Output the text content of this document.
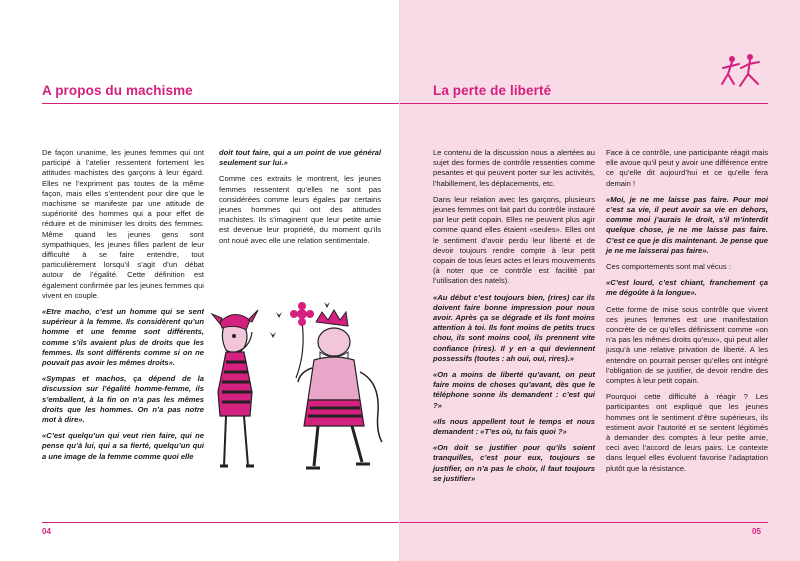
A propos du machisme

De façon unanime, les jeunes femmes qui ont participé à l’atelier ressentent fortement les attitudes machistes des garçons à leur égard. Elles ne l’expriment pas toutes de la même façon, mais elles s’entendent pour dire que le machisme se manifeste par une attitude de supériorité des hommes qui a pour effet de réduire et de minimiser les droits des femmes. Même quand les jeunes gens sont sympathiques, les jeunes filles parlent de leur difficulté à se faire entendre, tout particulièrement lorsqu’il s’agit d’un débat autour de l’égalité. Cette définition est également confirmée par les jeunes femmes qui vivent en couple.

«Etre macho, c’est un homme qui se sent supérieur à la femme. Ils considèrent qu’un homme et une femme sont différents, comme s’ils avaient plus de droits que les femmes. Ils sont différents comme si on ne pouvait pas avoir les mêmes droits».

«Sympas et machos, ça dépend de la discussion sur l’égalité homme-femme, ils s’emballent, à la fin on n’a pas les mêmes droits que les hommes. On n’a pas notre mot à dire».

«C’est quelqu’un qui veut rien faire, qui ne pense qu’à lui, qui a sa fierté, quelqu’un qui a une image de la femme comme quoi elle

doit tout faire, qui a un point de vue général seulement sur lui.»

Comme ces extraits le montrent, les jeunes femmes ressentent qu’elles ne sont pas considérées comme leurs égales par certains jeunes hommes qui ont des attitudes machistes. Ils s’imaginent que leur petite amie est devenue leur propriété, du moment qu’ils ont noué avec elle une relation sentimentale.

04
La perte de liberté

Le contenu de la discussion nous a alertées au sujet des formes de contrôle ressenties comme pesantes et qui peuvent porter sur les activités, l’habillement, les déplacements, etc.

Dans leur relation avec les garçons, plusieurs jeunes femmes ont fait part du contrôle instauré par leur petit copain. Elles ne peuvent plus agir comme quand elles étaient «seules». Elles ont le sentiment d’avoir perdu leur liberté et de devoir toujours rendre compte à leur petit copain de tous leurs actes et leurs mouvements (à noter que ce contrôle est facilité par l’utilisation des natels).

«Au début c’est toujours bien, (rires) car ils doivent faire bonne impression pour nous avoir. Après ça se dégrade et ils font moins attention à toi. Ils font moins de petits trucs chou, ils sont moins cool, ils prennent vite confiance (rires). Il y en a qui deviennent possessifs (toutes : ah oui, oui, rires).»

«On a moins de liberté qu’avant, on peut faire moins de choses qu’avant, dès que le téléphone sonne ils demandent : c’est qui ?»

«Ils nous appellent tout le temps et nous demandent : «T’es où, tu fais quoi ?»

«On doit se justifier pour qu’ils soient tranquilles, c’est pour eux, toujours se justifier, on n’a pas le choix, il faut toujours se justifier»

Face à ce contrôle, une participante réagit mais elle avoue qu’il peut y avoir une différence entre ce qu’elle dit aujourd’hui et ce qu’elle fera demain !

«Moi, je ne me laisse pas faire. Pour moi c’est sa vie, il peut avoir sa vie en dehors, comme moi j’aurais le droit, s’il m’interdit quelque chose, je ne me laisse pas faire. C’est ce que je dis maintenant. Je pense que je ne me laisserai pas faire».

Ces comportements sont mal vécus :

«C’est lourd, c’est chiant, franchement ça me dégoûte à la longue».

Cette forme de mise sous contrôle que vivent ces jeunes femmes est une manifestation concrète de ce qu’elles définissent comme «on n’a pas les mêmes droits qu’eux», qui peut aller jusqu’à une relative privation de liberté. A les entendre on pourrait penser qu’elles ont intégré l’obligation de se justifier, de devoir rendre des comptes à leur petit copain.

Pourquoi cette difficulté à réagir ? Les participantes ont expliqué que les jeunes hommes ont le sentiment d’être supérieurs, ils estiment avoir l’autorité et se sentent légitimés à demander des comptes à leur petite amie, ceci avec l’accord de leurs pairs. Le contexte dans lequel elles évoluent favorise l’adaptation plutôt que la résistance.

05
